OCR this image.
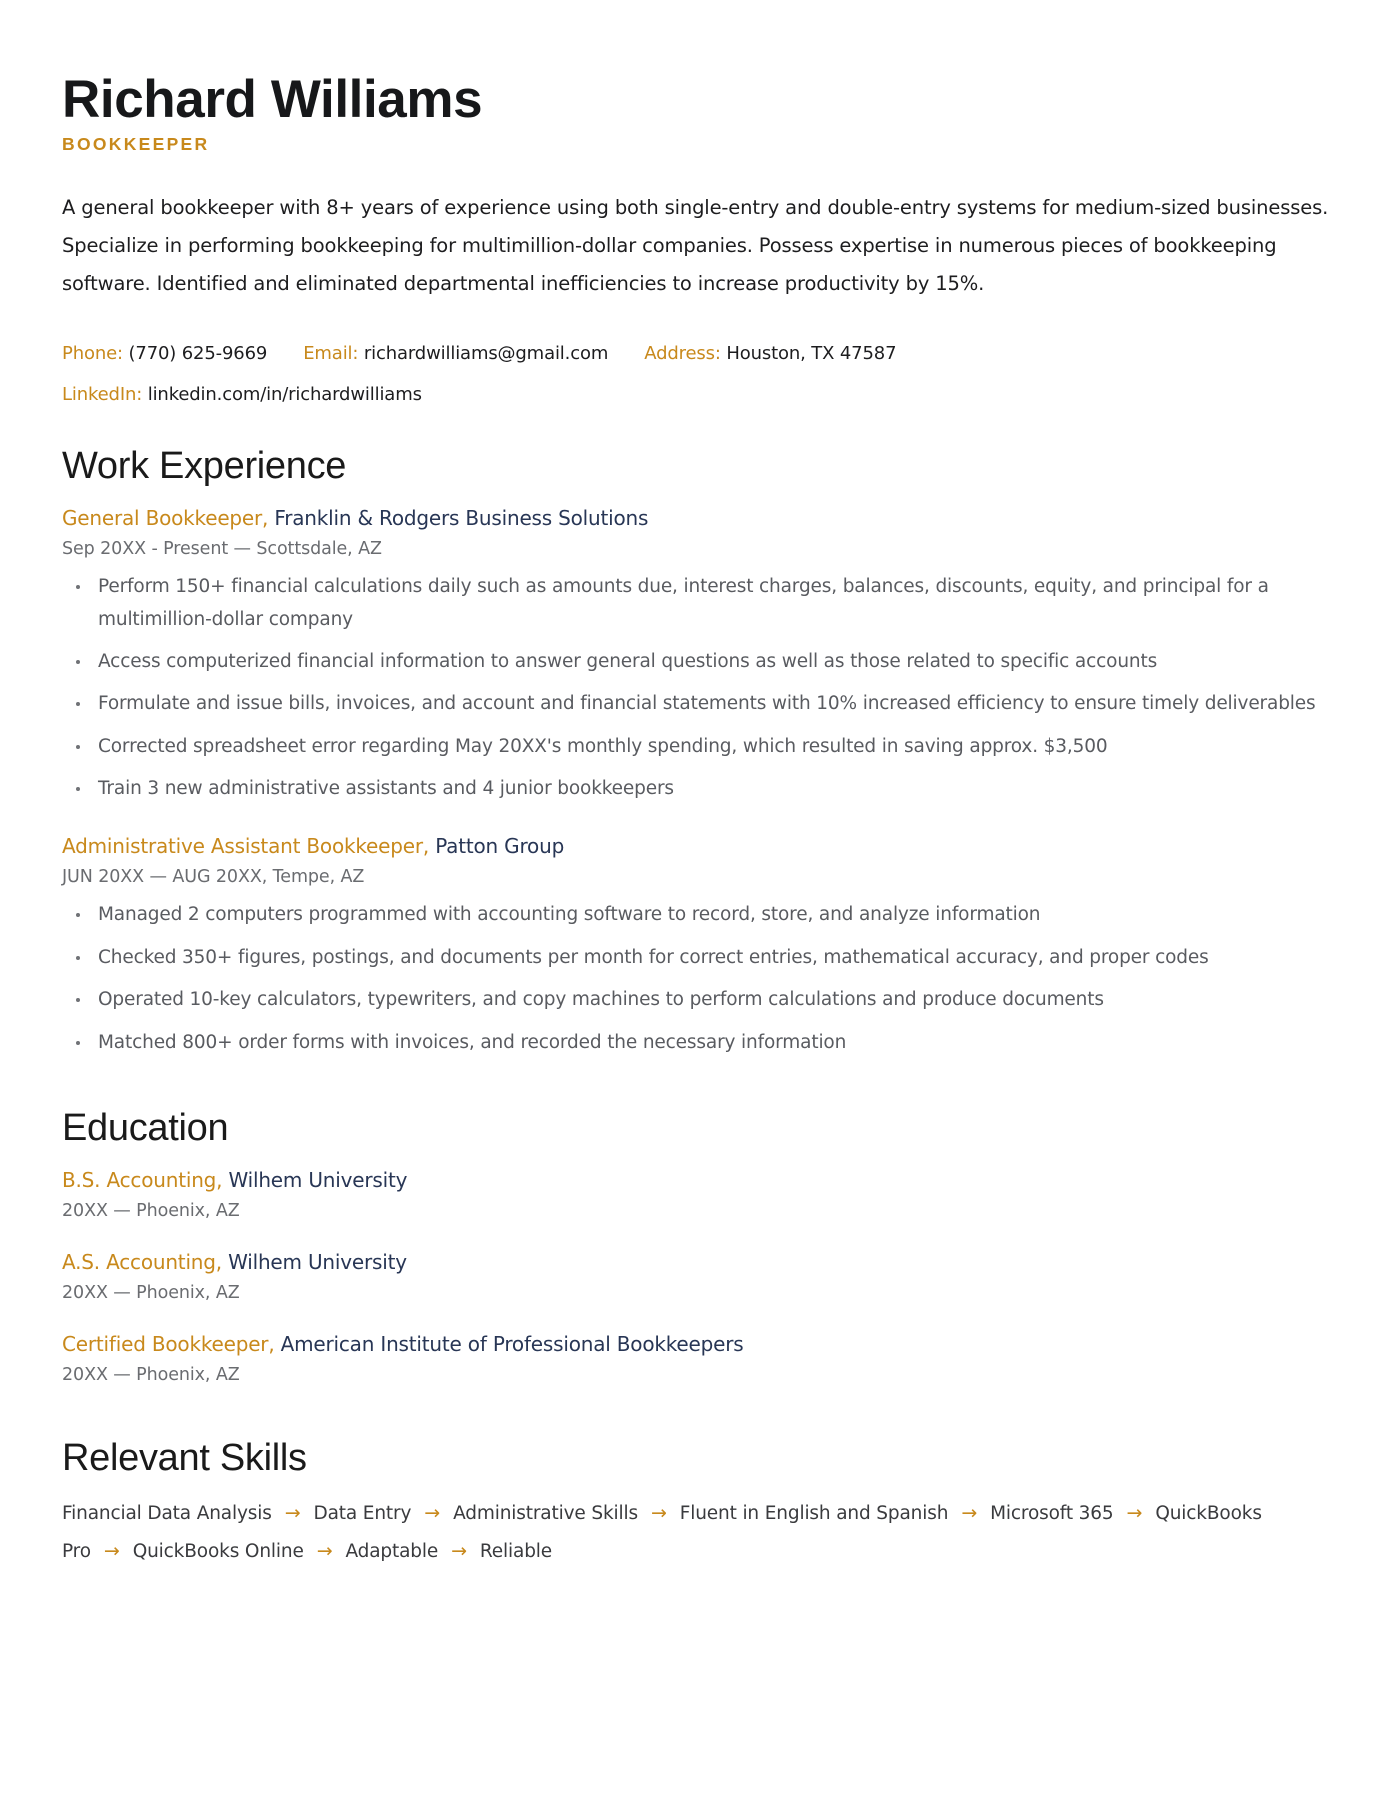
Richard Williams
BOOKKEEPER

A general bookkeeper with 8+ years of experience using both single-entry and double-entry systems for medium-sized businesses. Specialize in performing bookkeeping for multimillion-dollar companies. Possess expertise in numerous pieces of bookkeeping software. Identified and eliminated departmental inefficiencies to increase productivity by 15%.

Phone: (770) 625-9669 Email: richardwilliams@gmail.com Address: Houston, TX 47587
LinkedIn: linkedin.com/in/richardwilliams
Work Experience
General Bookkeeper, Franklin & Rodgers Business Solutions
Sep 20XX - Present — Scottsdale, AZ
Perform 150+ financial calculations daily such as amounts due, interest charges, balances, discounts, equity, and principal for a multimillion-dollar company
Access computerized financial information to answer general questions as well as those related to specific accounts
Formulate and issue bills, invoices, and account and financial statements with 10% increased efficiency to ensure timely deliverables
Corrected spreadsheet error regarding May 20XX's monthly spending, which resulted in saving approx. $3,500
Train 3 new administrative assistants and 4 junior bookkeepers
Administrative Assistant Bookkeeper, Patton Group
JUN 20XX — AUG 20XX, Tempe, AZ
Managed 2 computers programmed with accounting software to record, store, and analyze information
Checked 350+ figures, postings, and documents per month for correct entries, mathematical accuracy, and proper codes
Operated 10-key calculators, typewriters, and copy machines to perform calculations and produce documents
Matched 800+ order forms with invoices, and recorded the necessary information
Education
B.S. Accounting, Wilhem University
20XX — Phoenix, AZ
A.S. Accounting, Wilhem University
20XX — Phoenix, AZ
Certified Bookkeeper, American Institute of Professional Bookkeepers
20XX — Phoenix, AZ
Relevant Skills
Financial Data Analysis → Data Entry → Administrative Skills → Fluent in English and Spanish → Microsoft 365 → QuickBooks Pro → QuickBooks Online → Adaptable → Reliable
